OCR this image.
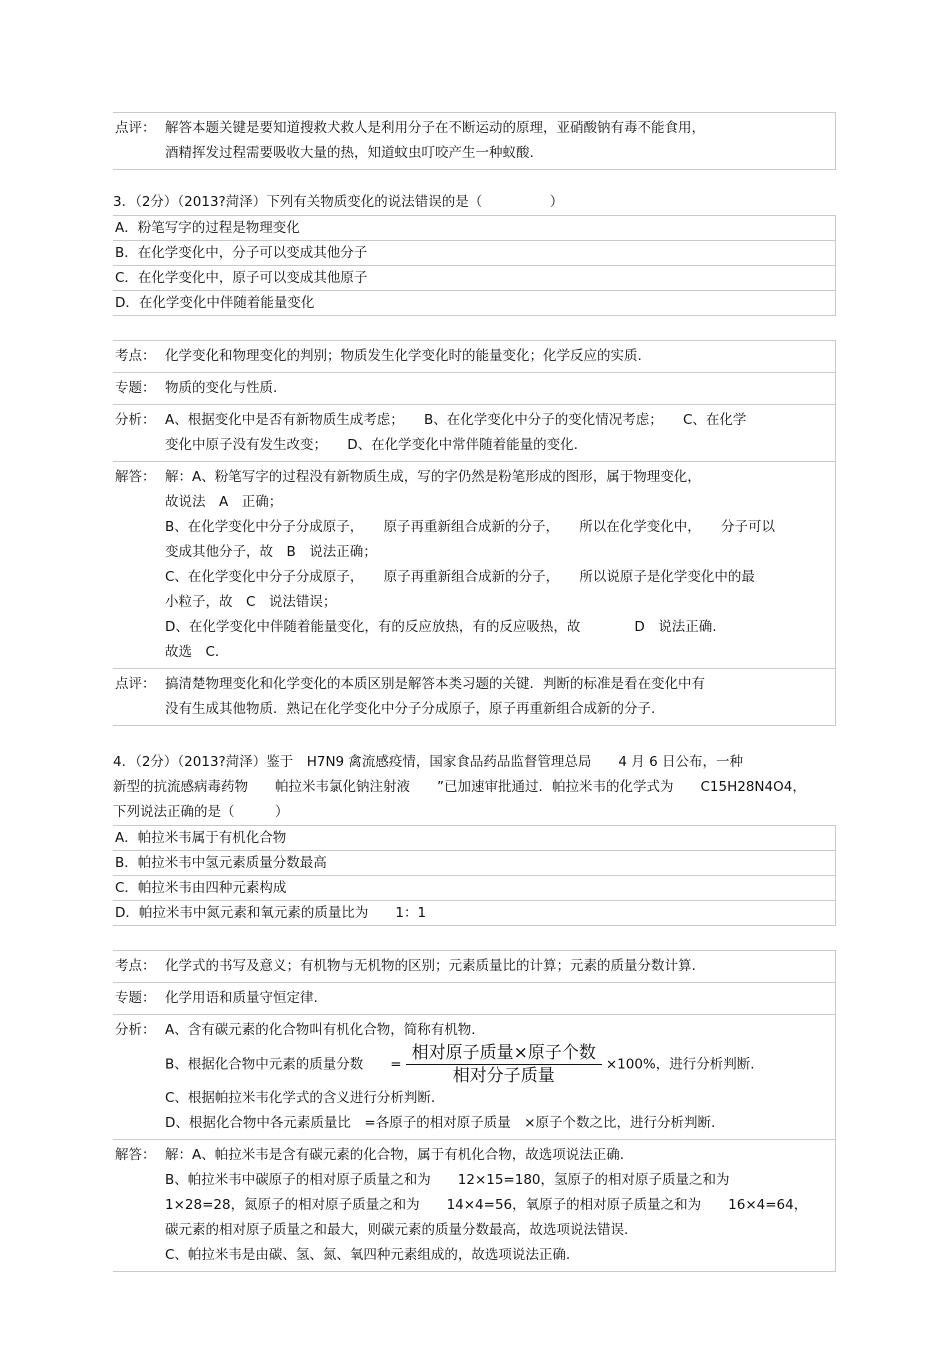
点评： 解答本题关键是要知道搜救犬救人是利用分子在不断运动的原理，亚硝酸钠有毒不能食用，
酒精挥发过程需要吸收大量的热，知道蚊虫叮咬产生一种蚁酸.

3．（2分）（2013?菏泽）下列有关物质变化的说法错误的是（　　　　　）

A．粉笔写字的过程是物理变化
B．在化学变化中，分子可以变成其他分子
C．在化学变化中，原子可以变成其他原子
D．在化学变化中伴随着能量变化
考点： 化学变化和物理变化的判别；物质发生化学变化时的能量变化；化学反应的实质.
专题： 物质的变化与性质.
分析： A、根据变化中是否有新物质生成考虑；　　B、在化学变化中分子的变化情况考虑；　　C、在化学
变化中原子没有发生改变；　　D、在化学变化中常伴随着能量的变化.
解答： 解：A、粉笔写字的过程没有新物质生成，写的字仍然是粉笔形成的图形，属于物理变化，
故说法　A　正确；
B、在化学变化中分子分成原子，　　原子再重新组合成新的分子，　　所以在化学变化中，　　分子可以
变成其他分子，故　B　说法正确；
C、在化学变化中分子分成原子，　　原子再重新组合成新的分子，　　所以说原子是化学变化中的最
小粒子，故　C　说法错误；
D、在化学变化中伴随着能量变化，有的反应放热，有的反应吸热，故　　　　D　说法正确.
故选　C．
点评： 搞清楚物理变化和化学变化的本质区别是解答本类习题的关键．判断的标准是看在变化中有
没有生成其他物质．熟记在化学变化中分子分成原子，原子再重新组合成新的分子.

4．（2分）（2013?菏泽）鉴于　H7N9 禽流感疫情，国家食品药品监督管理总局　　4 月 6 日公布，一种

新型的抗流感病毒药物　　帕拉米韦氯化钠注射液　　”已加速审批通过．帕拉米韦的化学式为　　C15H28N4O4，

下列说法正确的是（　　　）

A．帕拉米韦属于有机化合物
B．帕拉米韦中氢元素质量分数最高
C．帕拉米韦由四种元素构成
D．帕拉米韦中氮元素和氧元素的质量比为　　1：1
考点： 化学式的书写及意义；有机物与无机物的区别；元素质量比的计算；元素的质量分数计算.
专题： 化学用语和质量守恒定律.
分析： A、含有碳元素的化合物叫有机化合物，简称有机物.
B、根据化合物中元素的质量分数　　= $\frac{\text{相对原子质量×原子个数}}{\text{相对分子质量}} \times 100\%$，进行分析判断.
C、根据帕拉米韦化学式的含义进行分析判断.
D、根据化合物中各元素质量比　=各原子的相对原子质量　×原子个数之比，进行分析判断.
解答： 解：A、帕拉米韦是含有碳元素的化合物，属于有机化合物，故选项说法正确.
B、帕拉米韦中碳原子的相对原子质量之和为　　12×15=180，氢原子的相对原子质量之和为
1×28=28，氮原子的相对原子质量之和为　　14×4=56，氧原子的相对原子质量之和为　　16×4=64，
碳元素的相对原子质量之和最大，则碳元素的质量分数最高，故选项说法错误.
C、帕拉米韦是由碳、氢、氮、氧四种元素组成的，故选项说法正确.
